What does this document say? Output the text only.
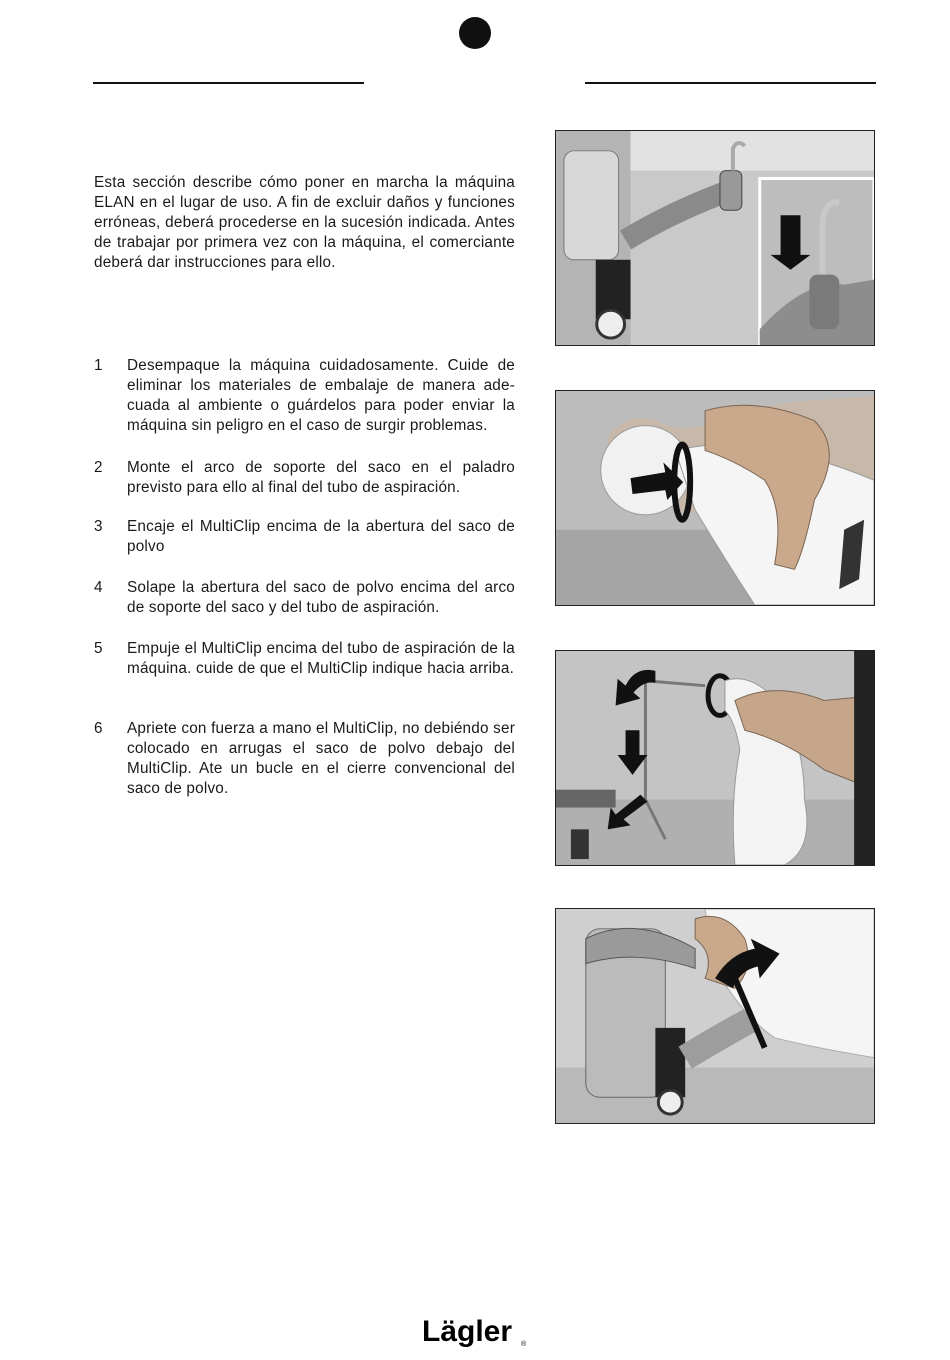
Esta sección describe cómo poner en marcha la máquina ELAN en el lugar de uso. A fin de excluir daños y funciones erróneas, deberá procederse en la sucesión indicada. Antes de trabajar por primera vez con la máquina, el comerciante deberá dar instrucciones para ello.

1 Desempaque la máquina cuidadosamente. Cuide de eliminar los materiales de embalaje de manera ade-cuada al ambiente o guárdelos para poder enviar la máquina sin peligro en el caso de surgir problemas.
2 Monte el arco de soporte del saco en el paladro previsto para ello al final del tubo de aspiración.
3 Encaje el MultiClip encima de la abertura del saco de polvo
4 Solape la abertura del saco de polvo encima del arco de soporte del saco y del tubo de aspiración.
5 Empuje el MultiClip encima del tubo de aspiración de la máquina. cuide de que el MultiClip indique hacia arriba.
6 Apriete con fuerza a mano el MultiClip, no debiéndo ser colocado en arrugas el saco de polvo debajo del MultiClip. Ate un bucle en el cierre convencional del saco de polvo.
Lägler ®
